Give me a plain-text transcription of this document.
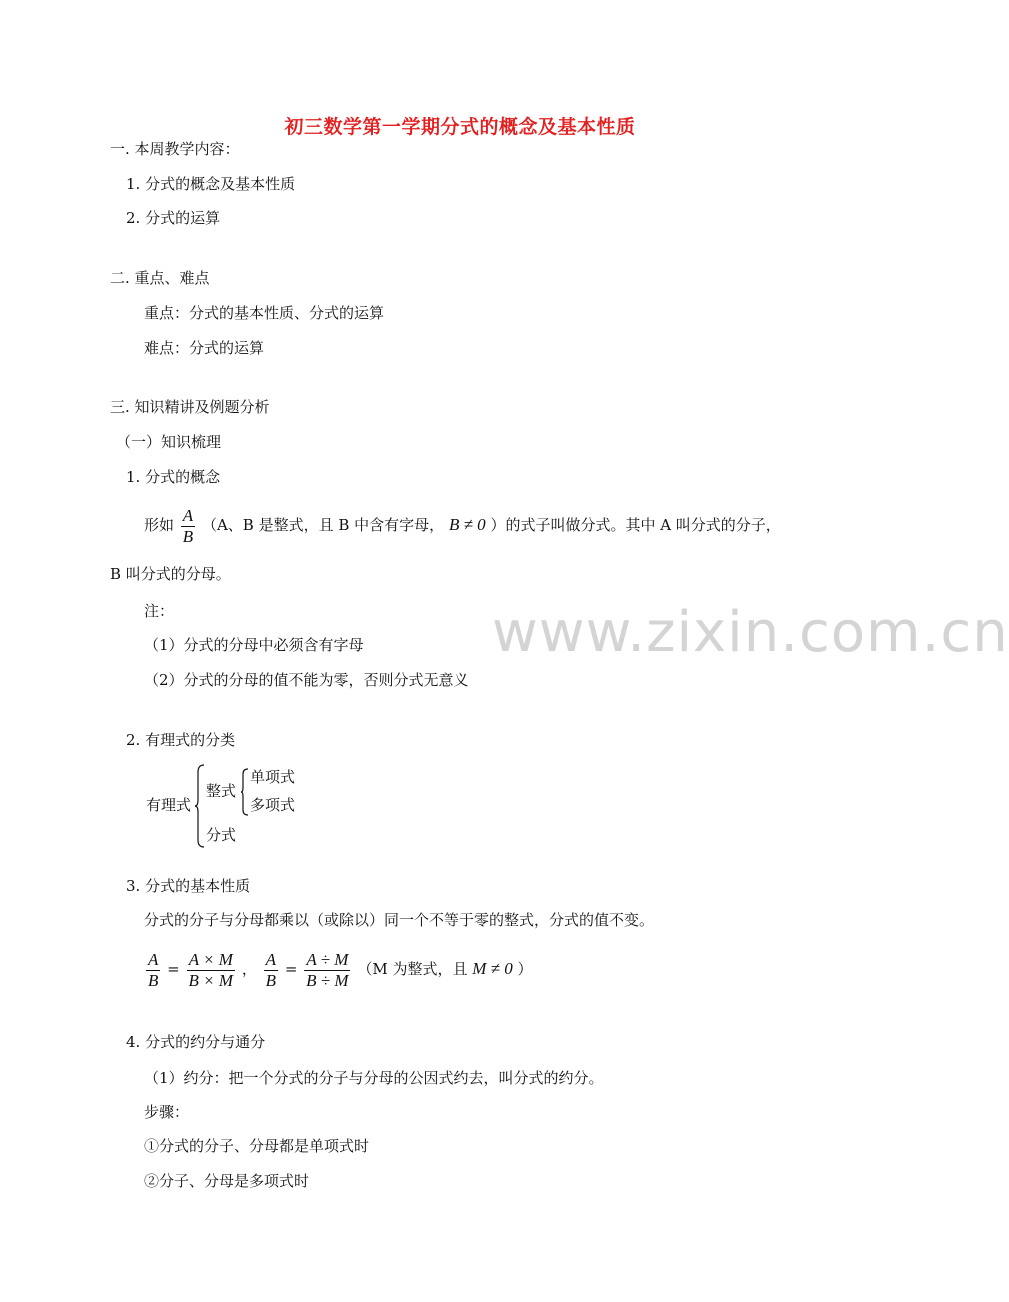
初三数学第一学期分式的概念及基本性质
一. 本周教学内容：
1. 分式的概念及基本性质
2. 分式的运算
二. 重点、难点
重点：分式的基本性质、分式的运算
难点：分式的运算
三. 知识精讲及例题分析
（一）知识梳理
1. 分式的概念
形如 $\frac{A}{B} (A$、B 是整式，且 B 中含有字母， B ≠ 0 ）的式子叫做分式。其中 A 叫分式的分子，
B 叫分式的分母。
注：
（1）分式的分母中必须含有字母
（2）分式的分母的值不能为零，否则分式无意义
www.zixin.com.cn
2. 有理式的分类
有理式
整式
单项式
多项式
分式
3. 分式的基本性质
分式的分子与分母都乘以（或除以）同一个不等于零的整式，分式的值不变。
$\frac{A}{B} = \frac{A \times M}{B \times M}$ ， $\frac{A}{B} = \frac{A \div M}{B \div M} (M$ 为整式，且 M ≠ 0 ）
4. 分式的约分与通分
（1）约分：把一个分式的分子与分母的公因式约去，叫分式的约分。
步骤：
①分式的分子、分母都是单项式时
②分子、分母是多项式时
